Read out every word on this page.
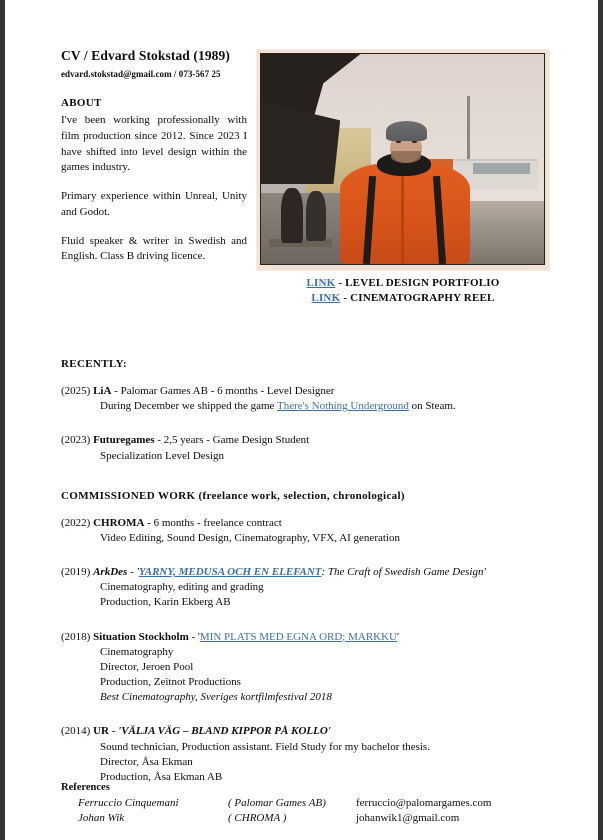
CV / Edvard Stokstad (1989)
edvard.stokstad@gmail.com / 073-567 25
ABOUT

I've been working professionally with film production since 2012. Since 2023 I have shifted into level design within the games industry.

Primary experience within Unreal, Unity and Godot.

Fluid speaker & writer in Swedish and English. Class B driving licence.

LINK - LEVEL DESIGN PORTFOLIO
LINK - CINEMATOGRAPHY REEL
RECENTLY:
(2025) LiA - Palomar Games AB - 6 months - Level Designer
During December we shipped the game There's Nothing Underground on Steam.
(2023) Futuregames - 2,5 years - Game Design Student
Specialization Level Design
COMMISSIONED WORK (freelance work, selection, chronological)
(2022) CHROMA - 6 months - freelance contract
Video Editing, Sound Design, Cinematography, VFX, AI generation
(2019) ArkDes - 'YARNY, MEDUSA OCH EN ELEFANT: The Craft of Swedish Game Design'
Cinematography, editing and grading
Production, Karin Ekberg AB
(2018) Situation Stockholm - 'MIN PLATS MED EGNA ORD; MARKKU'
Cinematography
Director, Jeroen Pool
Production, Zeitnot Productions
Best Cinematography, Sveriges kortfilmfestival 2018
(2014) UR - 'VÄLJA VÄG – BLAND KIPPOR PÅ KOLLO'
Sound technician, Production assistant. Field Study for my bachelor thesis.
Director, Åsa Ekman
Production, Åsa Ekman AB
References
Ferruccio Cinquemani	( Palomar Games AB)	ferruccio@palomargames.com
Johan Wik	( CHROMA )	johanwik1@gmail.com
